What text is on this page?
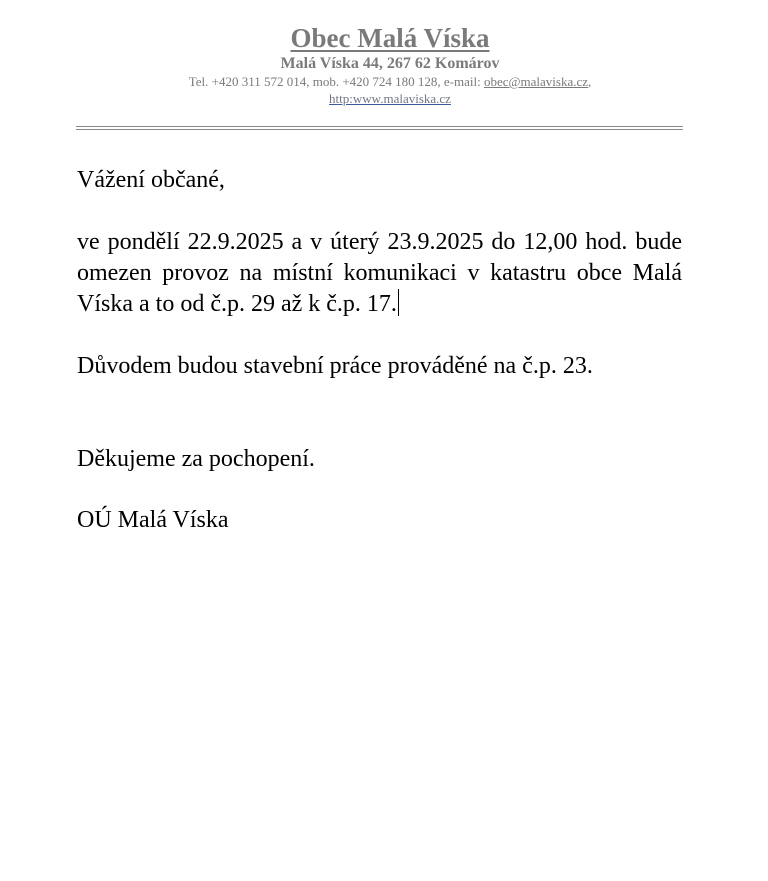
Obec Malá Víska
Malá Víska 44, 267 62 Komárov
Tel. +420 311 572 014, mob. +420 724 180 128, e-mail: obec@malaviska.cz,
http:www.malaviska.cz

Vážení občané,

ve pondělí 22.9.2025 a v úterý 23.9.2025 do 12,00 hod. bude omezen provoz na místní komunikaci v katastru obce Malá Víska a to od č.p. 29 až k č.p. 17.

Důvodem budou stavební práce prováděné na č.p. 23.

Děkujeme za pochopení.

OÚ Malá Víska
